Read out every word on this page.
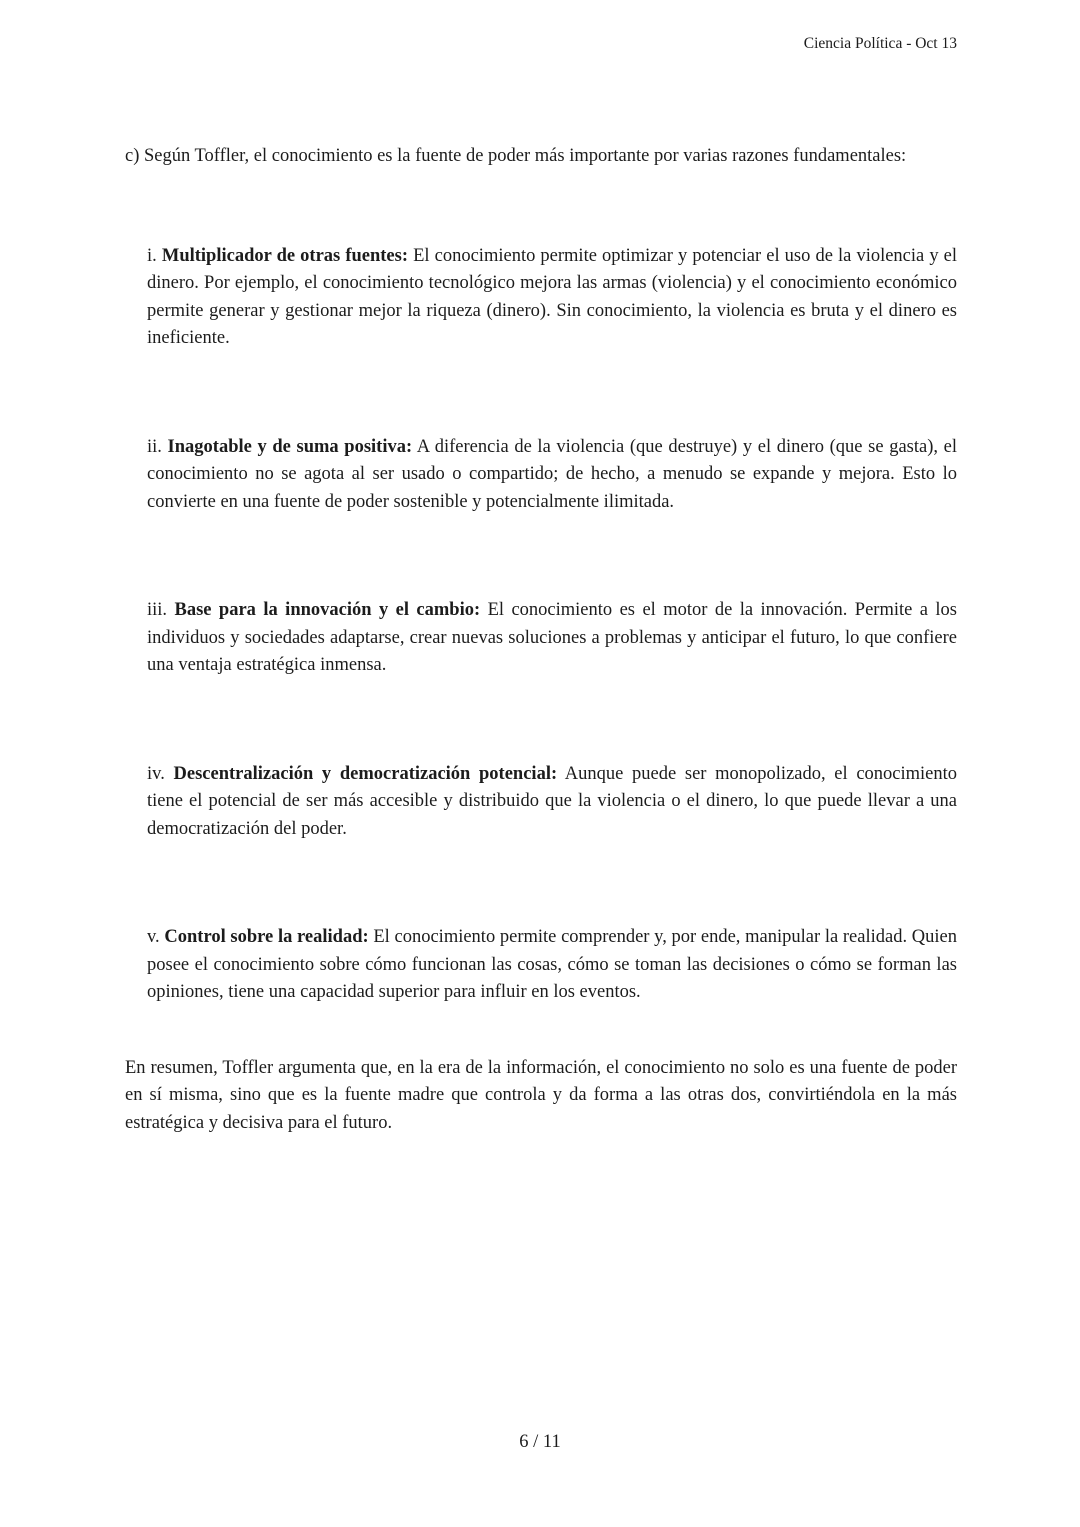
Ciencia Política - Oct 13

c) Según Toffler, el conocimiento es la fuente de poder más importante por varias razones fundamentales:

i. Multiplicador de otras fuentes: El conocimiento permite optimizar y potenciar el uso de la violencia y el dinero. Por ejemplo, el conocimiento tecnológico mejora las armas (violencia) y el conocimiento económico permite generar y gestionar mejor la riqueza (dinero). Sin conocimiento, la violencia es bruta y el dinero es ineficiente.

ii. Inagotable y de suma positiva: A diferencia de la violencia (que destruye) y el dinero (que se gasta), el conocimiento no se agota al ser usado o compartido; de hecho, a menudo se expande y mejora. Esto lo convierte en una fuente de poder sostenible y potencialmente ilimitada.

iii. Base para la innovación y el cambio: El conocimiento es el motor de la innovación. Permite a los individuos y sociedades adaptarse, crear nuevas soluciones a problemas y anticipar el futuro, lo que confiere una ventaja estratégica inmensa.

iv. Descentralización y democratización potencial: Aunque puede ser monopolizado, el conocimiento tiene el potencial de ser más accesible y distribuido que la violencia o el dinero, lo que puede llevar a una democratización del poder.

v. Control sobre la realidad: El conocimiento permite comprender y, por ende, manipular la realidad. Quien posee el conocimiento sobre cómo funcionan las cosas, cómo se toman las decisiones o cómo se forman las opiniones, tiene una capacidad superior para influir en los eventos.

En resumen, Toffler argumenta que, en la era de la información, el conocimiento no solo es una fuente de poder en sí misma, sino que es la fuente madre que controla y da forma a las otras dos, convirtiéndola en la más estratégica y decisiva para el futuro.

6 / 11
